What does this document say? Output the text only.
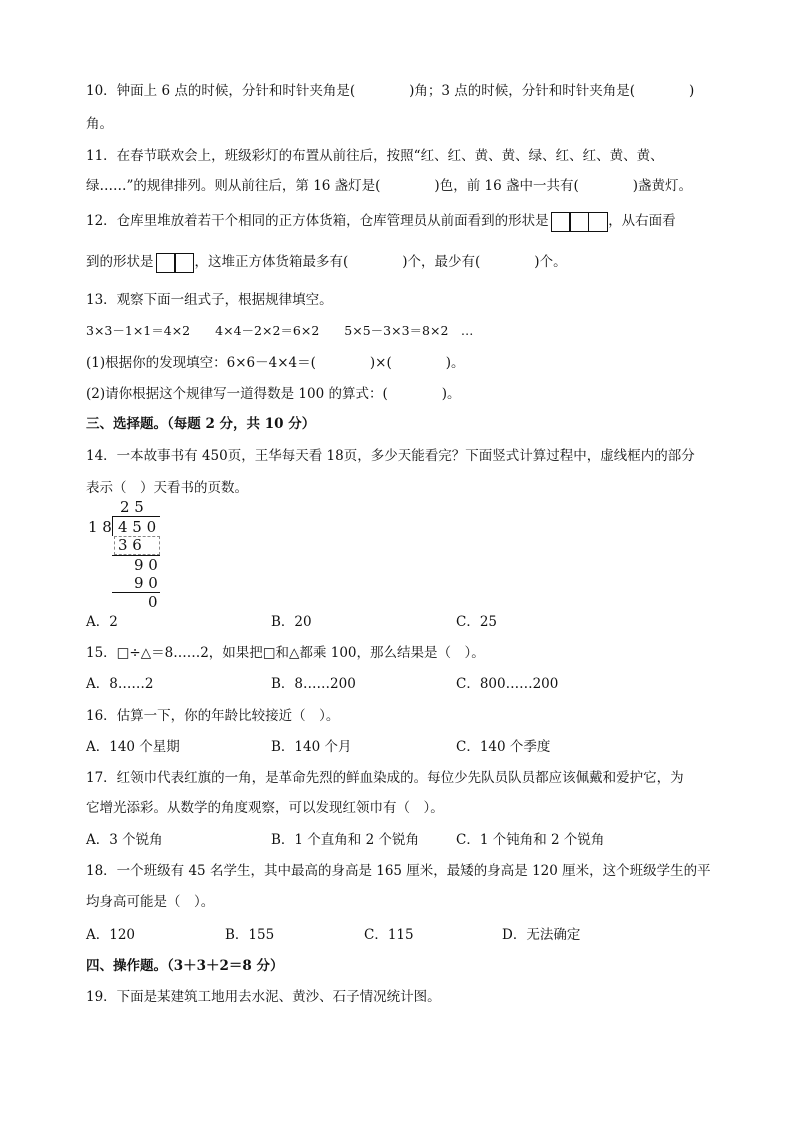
10．钟面上 6 点的时候，分针和时针夹角是(　　　　)角；3 点的时候，分针和时针夹角是(　　　　)
角。
11．在春节联欢会上，班级彩灯的布置从前往后，按照“红、红、黄、黄、绿、红、红、黄、黄、
绿……”的规律排列。则从前往后，第 16 盏灯是(　　　　)色，前 16 盏中一共有(　　　　)盏黄灯。
12．仓库里堆放着若干个相同的正方体货箱，仓库管理员从前面看到的形状是	，从右面看
到的形状是	，这堆正方体货箱最多有(　　　　)个，最少有(　　　　)个。
13．观察下面一组式子，根据规律填空。
3×3－1×1＝4×2　　4×4－2×2＝6×2　　5×5－3×3＝8×2　…
(1)根据你的发现填空：6×6－4×4＝(　　　　)×(　　　　)。
(2)请你根据这个规律写一道得数是 100 的算式：(　　　　)。
三、选择题。（每题 2 分，共 10 分）
14．一本故事书有 450页，王华每天看 18页，多少天能看完？下面竖式计算过程中，虚线框内的部分
表示（　）天看书的页数。
2 5
1 8 4 5 0
3 6
9 0
9 0
0
A．2	B．20	C．25
15．□÷△＝8……2，如果把□和△都乘 100，那么结果是（　）。
A．8……2	B．8……200	C．800……200
16．估算一下，你的年龄比较接近（　）。
A．140 个星期	B．140 个月	C．140 个季度
17．红领巾代表红旗的一角，是革命先烈的鲜血染成的。每位少先队员队员都应该佩戴和爱护它，为
它增光添彩。从数学的角度观察，可以发现红领巾有（　）。
A．3 个锐角	B．1 个直角和 2 个锐角	C．1 个钝角和 2 个锐角
18．一个班级有 45 名学生，其中最高的身高是 165 厘米，最矮的身高是 120 厘米，这个班级学生的平
均身高可能是（　）。
A．120	B．155	C．115	D．无法确定
四、操作题。（3＋3＋2＝8 分）
19．下面是某建筑工地用去水泥、黄沙、石子情况统计图。
